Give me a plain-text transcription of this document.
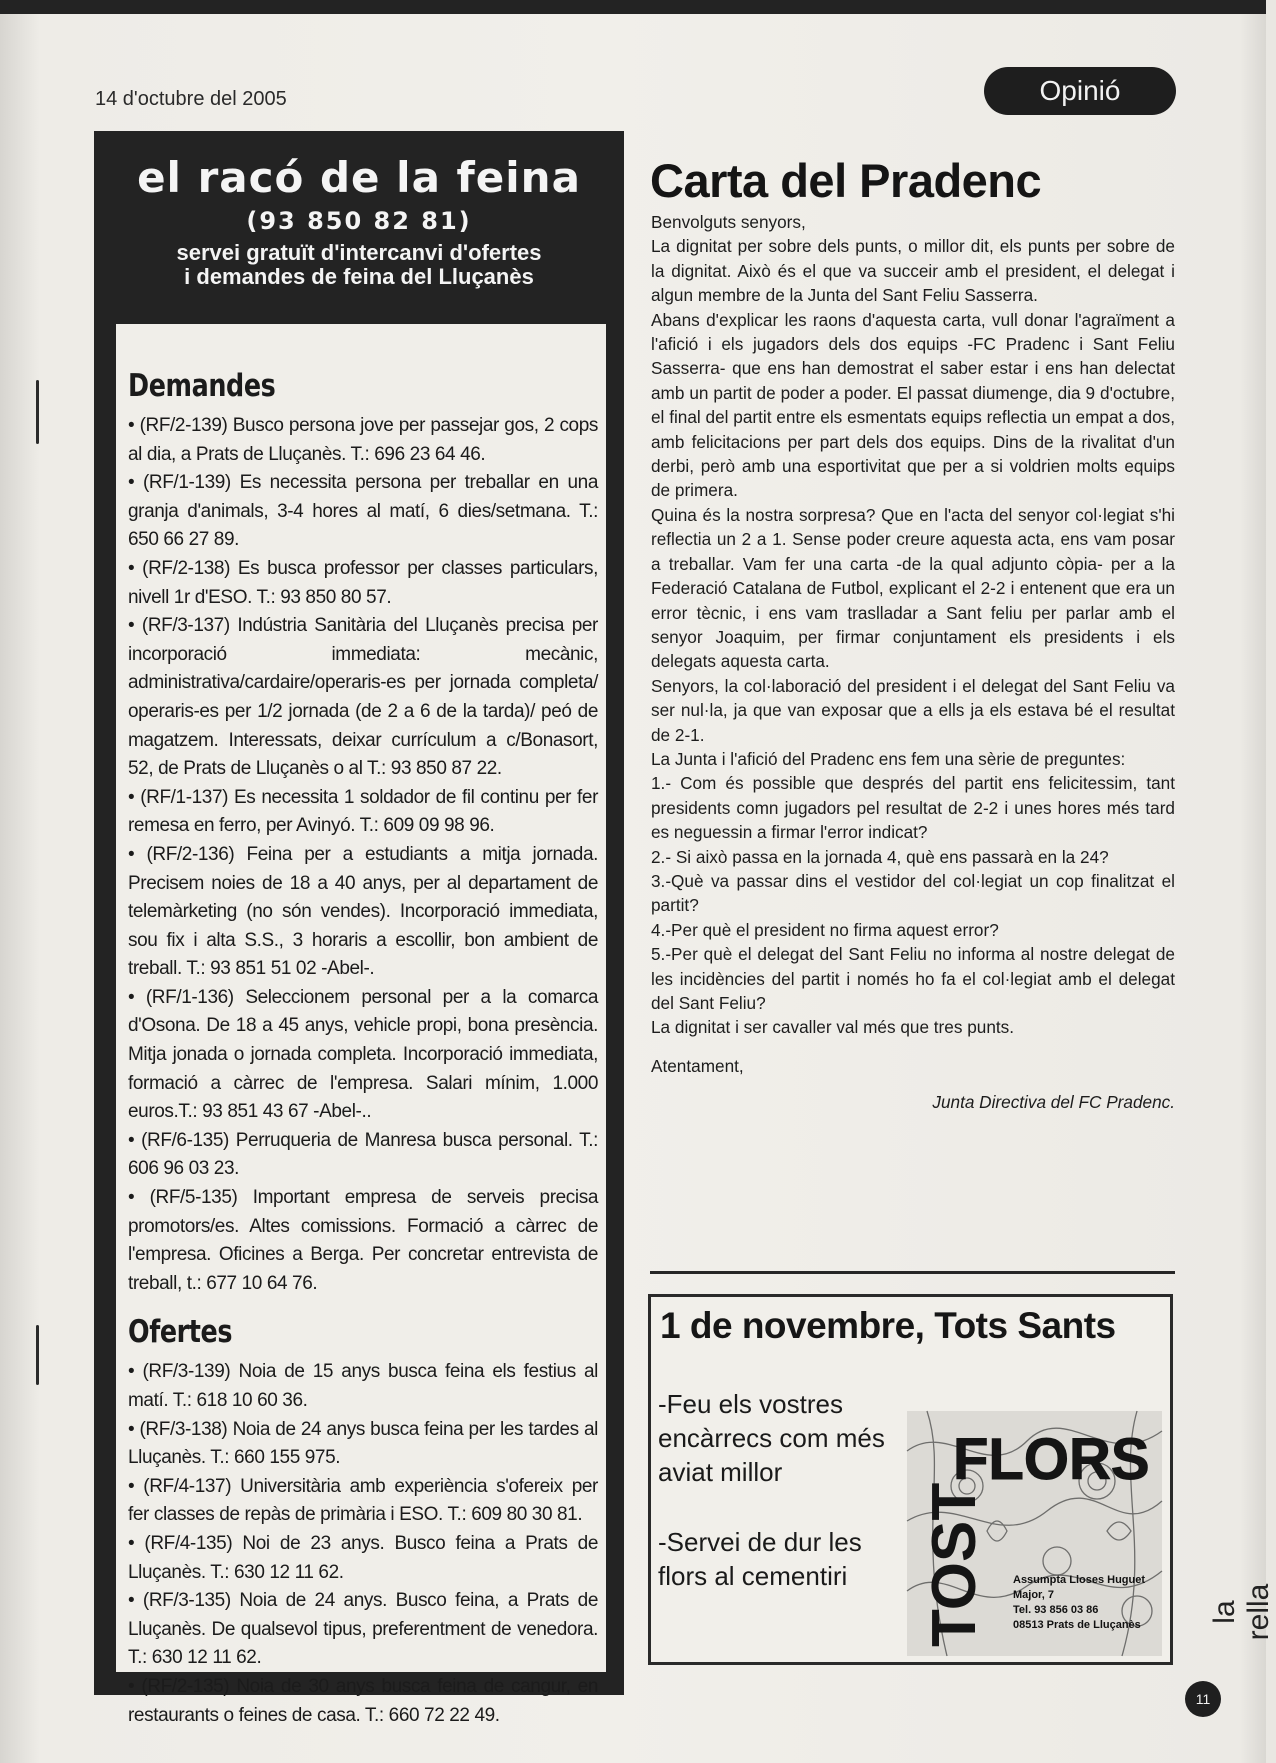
14 d'octubre del 2005	Opinió
el racó de la feina
(93 850 82 81)
servei gratuït d'intercanvi d'ofertes
i demandes de feina del Lluçanès
Demandes

• (RF/2-139) Busco persona jove per passejar gos, 2 cops al dia, a Prats de Lluçanès. T.: 696 23 64 46.

• (RF/1-139) Es necessita persona per treballar en una granja d'animals, 3-4 hores al matí, 6 dies/setmana. T.: 650 66 27 89.

• (RF/2-138) Es busca professor per classes particulars, nivell 1r d'ESO. T.: 93 850 80 57.

• (RF/3-137) Indústria Sanitària del Lluçanès precisa per incorporació immediata: mecànic, administrativa/cardaire/operaris-es per jornada completa/ operaris-es per 1/2 jornada (de 2 a 6 de la tarda)/ peó de magatzem. Interessats, deixar currículum a c/Bonasort, 52, de Prats de Lluçanès o al T.: 93 850 87 22.

• (RF/1-137) Es necessita 1 soldador de fil continu per fer remesa en ferro, per Avinyó. T.: 609 09 98 96.

• (RF/2-136) Feina per a estudiants a mitja jornada. Precisem noies de 18 a 40 anys, per al departament de telemàrketing (no són vendes). Incorporació immediata, sou fix i alta S.S., 3 horaris a escollir, bon ambient de treball. T.: 93 851 51 02 -Abel-.

• (RF/1-136) Seleccionem personal per a la comarca d'Osona. De 18 a 45 anys, vehicle propi, bona presència. Mitja jonada o jornada completa. Incorporació immediata, formació a càrrec de l'empresa. Salari mínim, 1.000 euros.T.: 93 851 43 67 -Abel-..

• (RF/6-135) Perruqueria de Manresa busca personal. T.: 606 96 03 23.

• (RF/5-135) Important empresa de serveis precisa promotors/es. Altes comissions. Formació a càrrec de l'empresa. Oficines a Berga. Per concretar entrevista de treball, t.: 677 10 64 76.

Ofertes

• (RF/3-139) Noia de 15 anys busca feina els festius al matí. T.: 618 10 60 36.

• (RF/3-138) Noia de 24 anys busca feina per les tardes al Lluçanès. T.: 660 155 975.

• (RF/4-137) Universitària amb experiència s'ofereix per fer classes de repàs de primària i ESO. T.: 609 80 30 81.

• (RF/4-135) Noi de 23 anys. Busco feina a Prats de Lluçanès. T.: 630 12 11 62.

• (RF/3-135) Noia de 24 anys. Busco feina, a Prats de Lluçanès. De qualsevol tipus, preferentment de venedora. T.: 630 12 11 62.

• (RF/2-135) Noia de 30 anys busca feina de cangur, en restaurants o feines de casa. T.: 660 72 22 49.

Carta del Pradenc

Benvolguts senyors,

La dignitat per sobre dels punts, o millor dit, els punts per sobre de la dignitat. Això és el que va succeir amb el president, el delegat i algun membre de la Junta del Sant Feliu Sasserra.

Abans d'explicar les raons d'aquesta carta, vull donar l'agraïment a l'afició i els jugadors dels dos equips -FC Pradenc i Sant Feliu Sasserra- que ens han demostrat el saber estar i ens han delectat amb un partit de poder a poder. El passat diumenge, dia 9 d'octubre, el final del partit entre els esmentats equips reflectia un empat a dos, amb felicitacions per part dels dos equips. Dins de la rivalitat d'un derbi, però amb una esportivitat que per a si voldrien molts equips de primera.

Quina és la nostra sorpresa? Que en l'acta del senyor col·legiat s'hi reflectia un 2 a 1. Sense poder creure aquesta acta, ens vam posar a treballar. Vam fer una carta -de la qual adjunto còpia- per a la Federació Catalana de Futbol, explicant el 2-2 i entenent que era un error tècnic, i ens vam traslladar a Sant feliu per parlar amb el senyor Joaquim, per firmar conjuntament els presidents i els delegats aquesta carta.

Senyors, la col·laboració del president i el delegat del Sant Feliu va ser nul·la, ja que van exposar que a ells ja els estava bé el resultat de 2-1.

La Junta i l'afició del Pradenc ens fem una sèrie de preguntes:

1.- Com és possible que després del partit ens felicitessim, tant presidents comn jugadors pel resultat de 2-2 i unes hores més tard es neguessin a firmar l'error indicat?

2.- Si això passa en la jornada 4, què ens passarà en la 24?

3.-Què va passar dins el vestidor del col·legiat un cop finalitzat el partit?

4.-Per què el president no firma aquest error?

5.-Per què el delegat del Sant Feliu no informa al nostre delegat de les incidències del partit i només ho fa el col·legiat amb el delegat del Sant Feliu?

La dignitat i ser cavaller val més que tres punts.

Atentament,

Junta Directiva del FC Pradenc.

1 de novembre, Tots Sants
-Feu els vostres encàrrecs com més aviat millor
-Servei de dur les flors al cementiri
FLORS
TOST Assumpta Lloses Huguet
Major, 7
Tel. 93 856 03 86
08513 Prats de Lluçanès
la rella
11
